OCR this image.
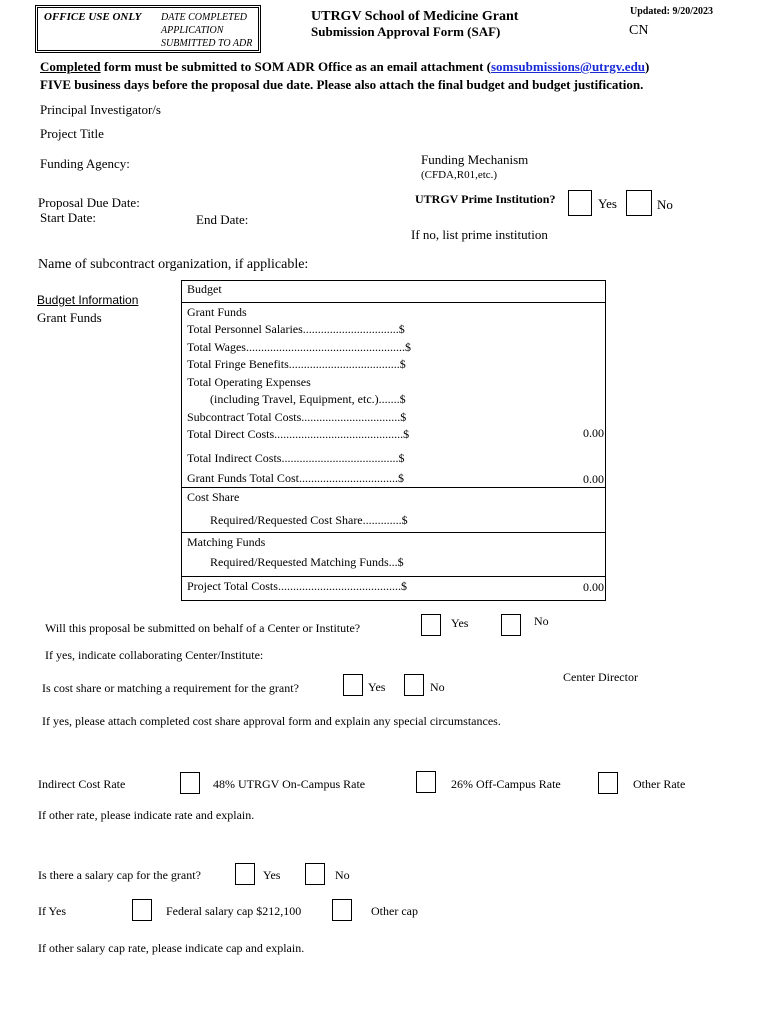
OFFICE USE ONLY DATE COMPLETED
APPLICATION
SUBMITTED TO ADR
UTRGV School of Medicine Grant
Submission Approval Form (SAF)
Updated: 9/20/2023
CN
Completed form must be submitted to SOM ADR Office as an email attachment (somsubmissions@utrgv.edu)
FIVE business days before the proposal due date. Please also attach the final budget and budget justification.
Principal Investigator/s
Project Title
Funding Agency:	Funding Mechanism
(CFDA,R01,etc.)
Proposal Due Date:
Start Date:	End Date:
UTRGV Prime Institution?	Yes	No
If no, list prime institution
Name of subcontract organization, if applicable:
Budget Information
Grant Funds
Budget
Grant Funds
Total Personnel Salaries................................$
Total Wages.....................................................$
Total Fringe Benefits.....................................$
Total Operating Expenses
(including Travel, Equipment, etc.).......$
Subcontract Total Costs.................................$
Total Direct Costs...........................................$	0.00
Total Indirect Costs.......................................$
Grant Funds Total Cost.................................$	0.00
Cost Share
Required/Requested Cost Share.............$
Matching Funds
Required/Requested Matching Funds...$
Project Total Costs.........................................$	0.00
Will this proposal be submitted on behalf of a Center or Institute?	Yes	No
If yes, indicate collaborating Center/Institute:
Center Director
Is cost share or matching a requirement for the grant?	Yes	No
If yes, please attach completed cost share approval form and explain any special circumstances.
Indirect Cost Rate	48% UTRGV On-Campus Rate	26% Off-Campus Rate	Other Rate
If other rate, please indicate rate and explain.
Is there a salary cap for the grant?	Yes	No
If Yes	Federal salary cap $212,100	Other cap
If other salary cap rate, please indicate cap and explain.
